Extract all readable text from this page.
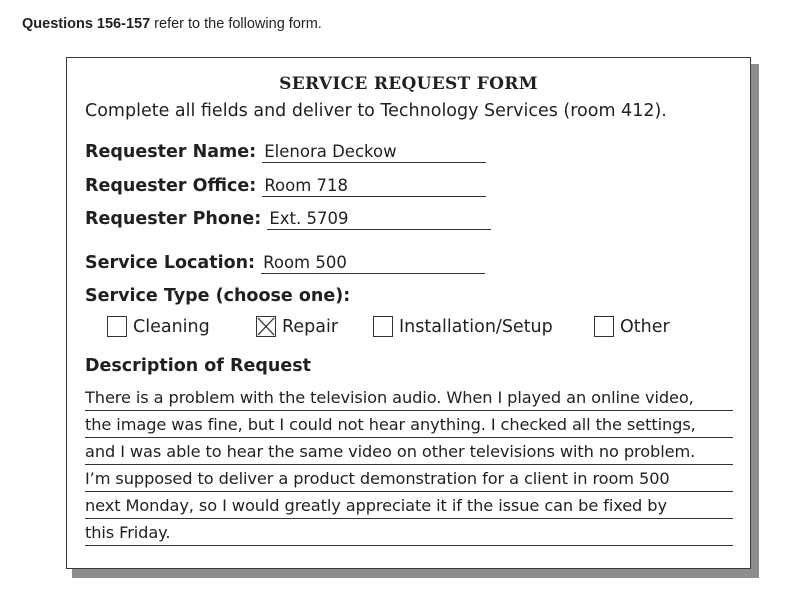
Questions 156-157 refer to the following form.
SERVICE REQUEST FORM
Complete all fields and deliver to Technology Services (room 412).
Requester Name: Elenora Deckow
Requester Office: Room 718
Requester Phone: Ext. 5709
Service Location: Room 500
Service Type (choose one):
Cleaning	Repair	Installation/Setup	Other
Description of Request
There is a problem with the television audio. When I played an online video,
the image was fine, but I could not hear anything. I checked all the settings,
and I was able to hear the same video on other televisions with no problem.
I’m supposed to deliver a product demonstration for a client in room 500
next Monday, so I would greatly appreciate it if the issue can be fixed by
this Friday.
